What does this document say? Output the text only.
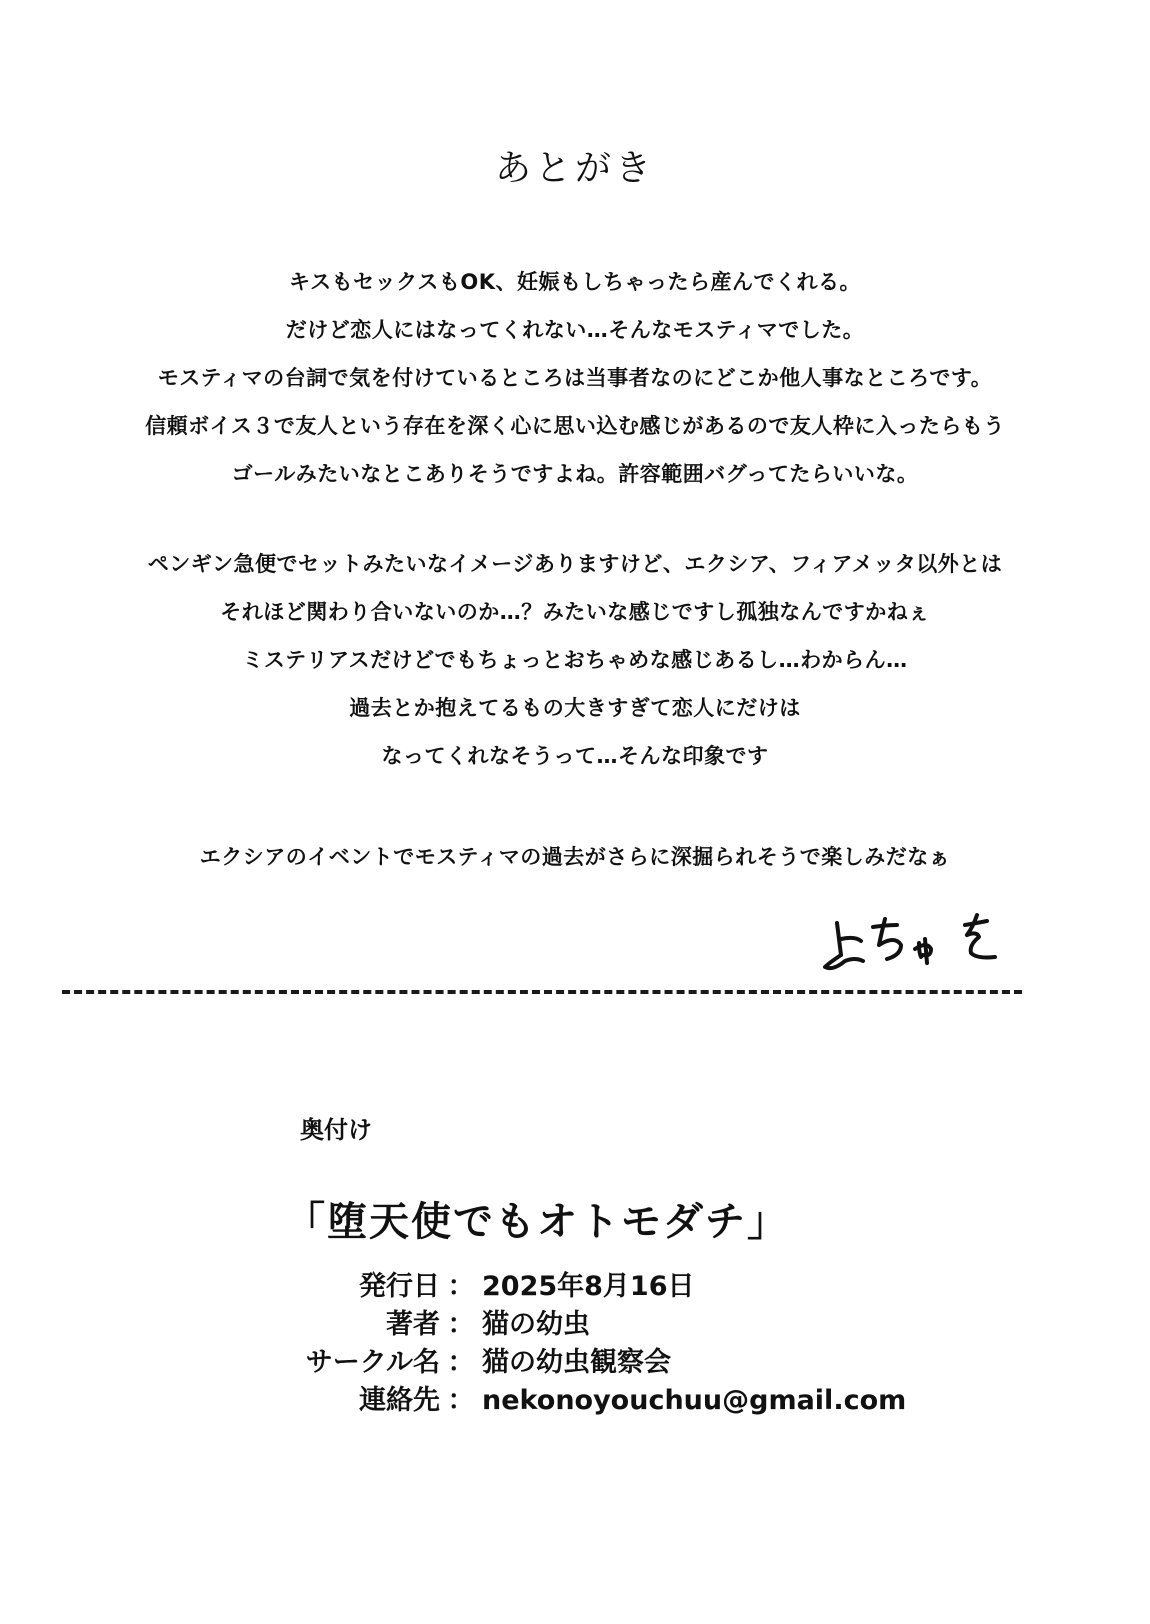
あとがき
キスもセックスもOK、妊娠もしちゃったら産んでくれる。
だけど恋人にはなってくれない…そんなモスティマでした。
モスティマの台詞で気を付けているところは当事者なのにどこか他人事なところです。
信頼ボイス３で友人という存在を深く心に思い込む感じがあるので友人枠に入ったらもう
ゴールみたいなとこありそうですよね。許容範囲バグってたらいいな。
ペンギン急便でセットみたいなイメージありますけど、エクシア、フィアメッタ以外とは
それほど関わり合いないのか…？みたいな感じですし孤独なんですかねぇ
ミステリアスだけどでもちょっとおちゃめな感じあるし…わからん…
過去とか抱えてるもの大きすぎて恋人にだけは
なってくれなそうって…そんな印象です
エクシアのイベントでモスティマの過去がさらに深掘られそうで楽しみだなぁ
奥付け
「堕天使でもオトモダチ」
発行日	：	2025年8月16日
著者	：	猫の幼虫
サークル名	：	猫の幼虫観察会
連絡先	：	nekonoyouchuu@gmail.com
